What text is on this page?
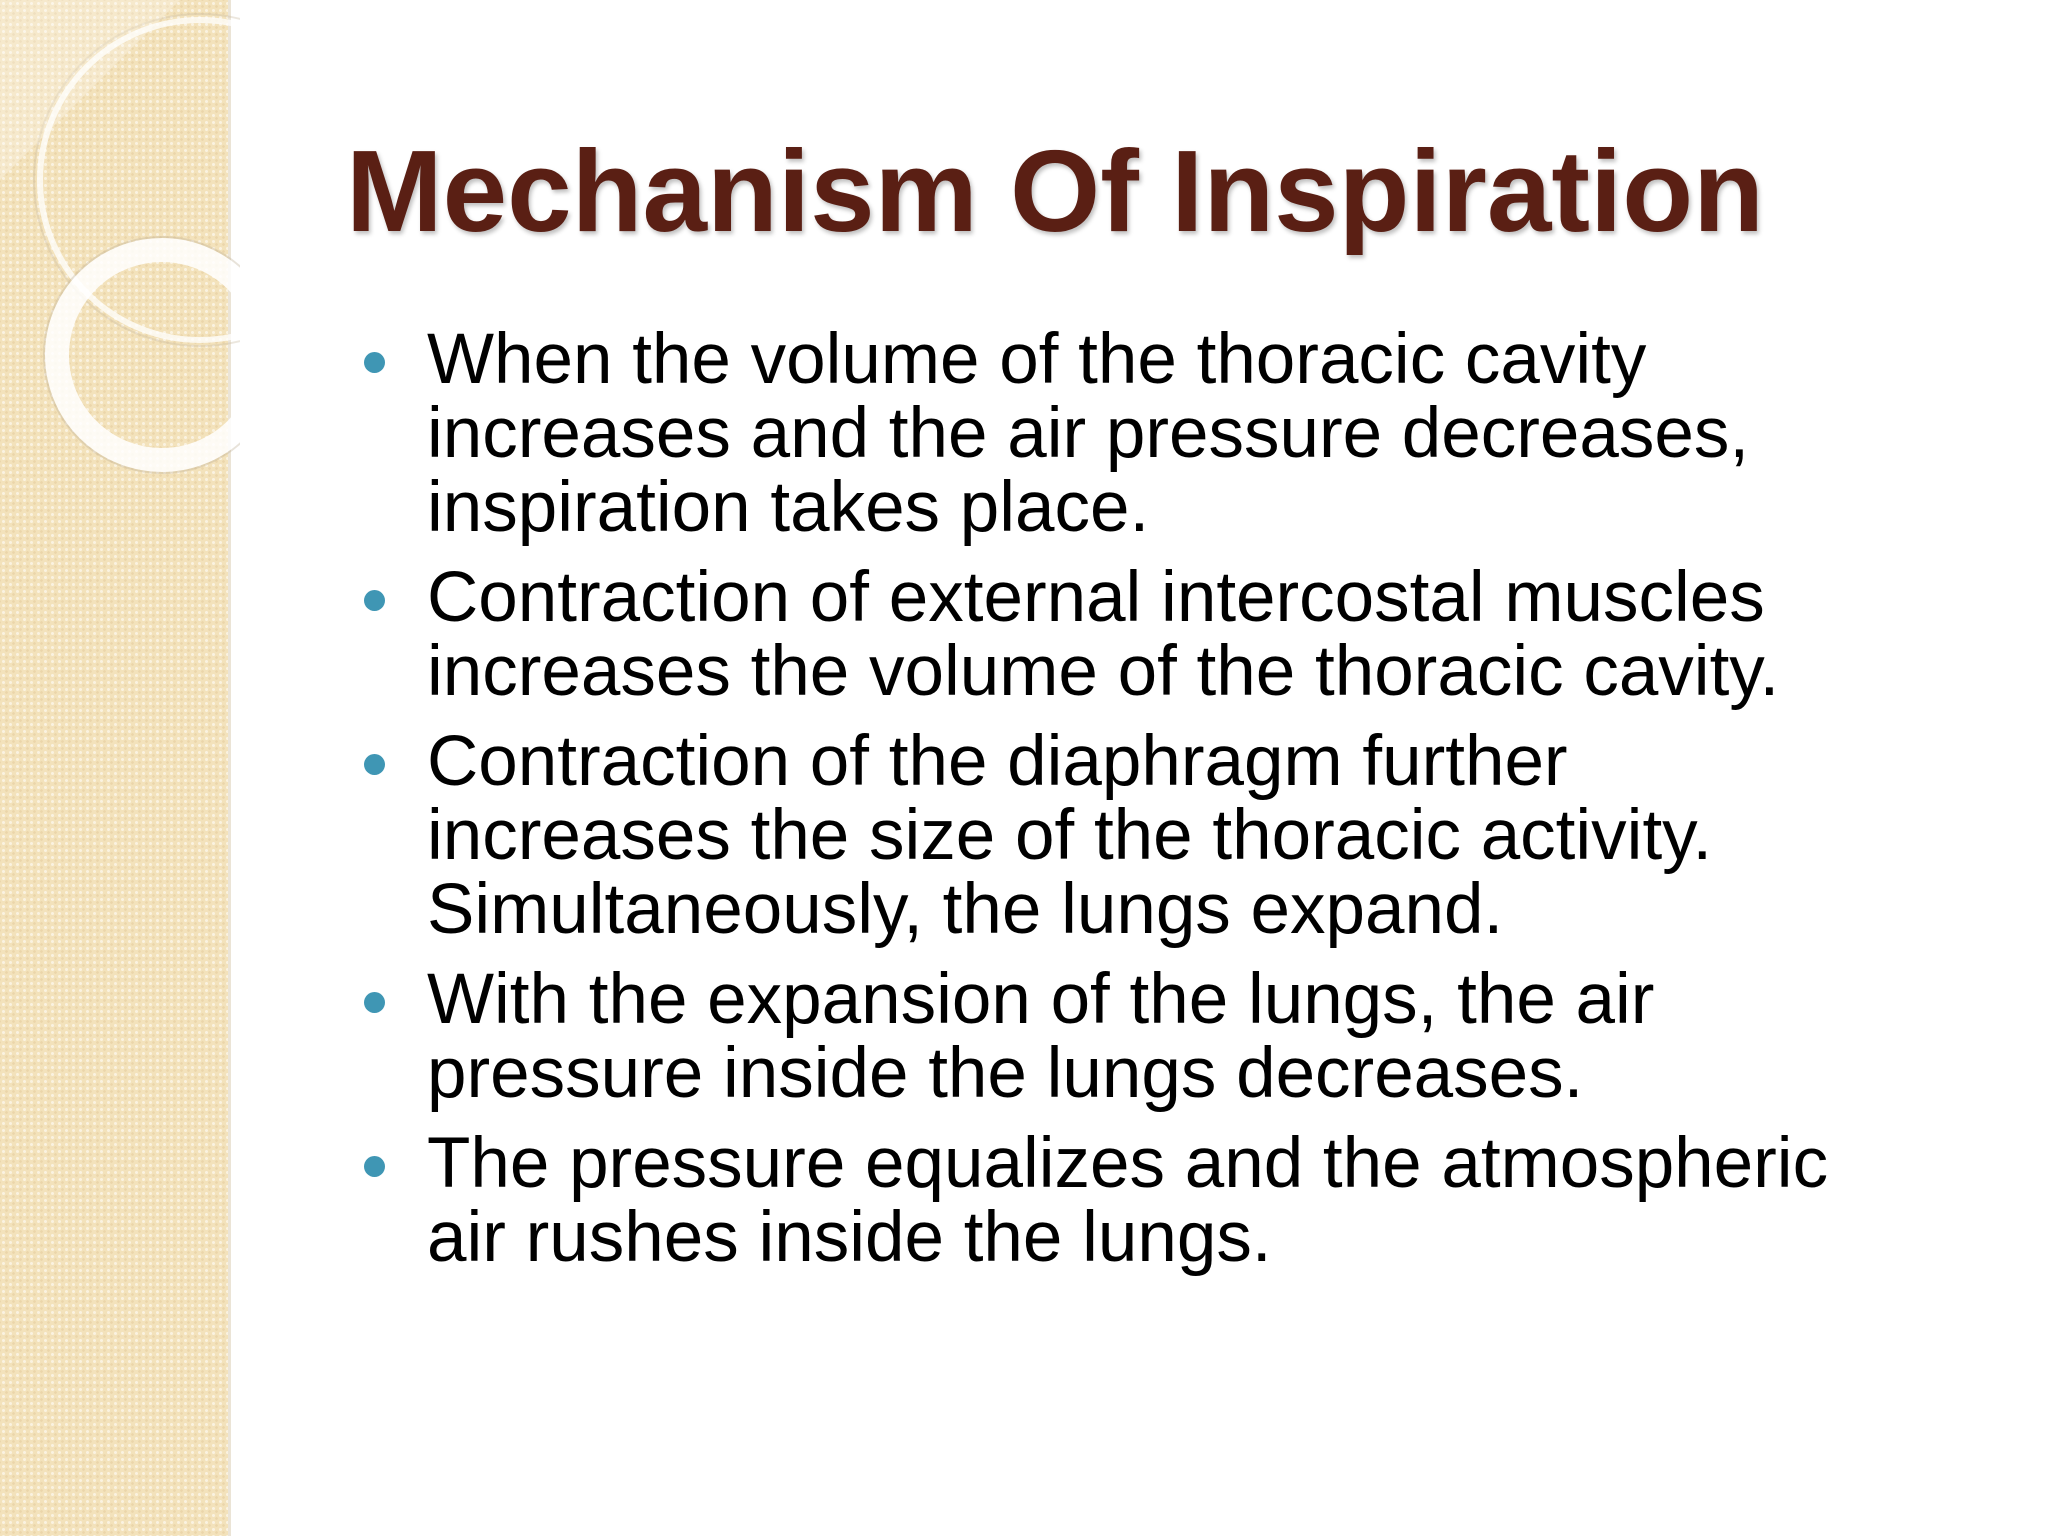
Mechanism Of Inspiration
When the volume of the thoracic cavity
increases and the air pressure decreases,
inspiration takes place.
Contraction of external intercostal muscles
increases the volume of the thoracic cavity.
Contraction of the diaphragm further
increases the size of the thoracic activity.
Simultaneously, the lungs expand.
With the expansion of the lungs, the air
pressure inside the lungs decreases.
The pressure equalizes and the atmospheric
air rushes inside the lungs.
